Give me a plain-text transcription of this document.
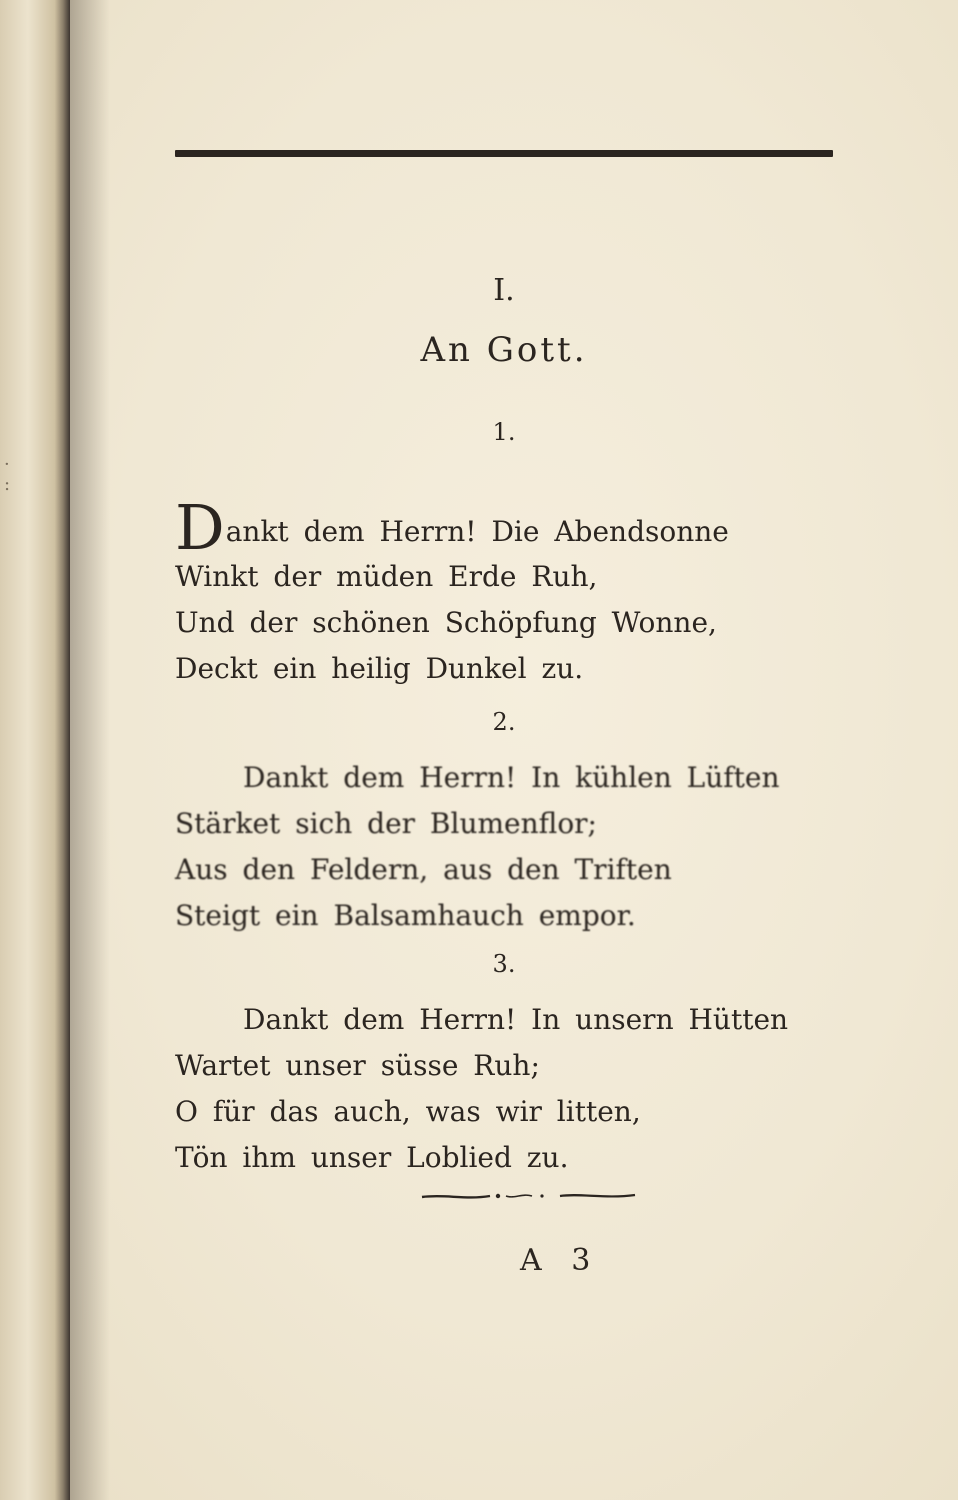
·
:
I.
An Gott.
1.
Dankt dem Herrn! Die Abendsonne
Winkt der müden Erde Ruh,
Und der schönen Schöpfung Wonne,
Deckt ein heilig Dunkel zu.
2.
Dankt dem Herrn! In kühlen Lüften
Stärket sich der Blumenflor;
Aus den Feldern, aus den Triften
Steigt ein Balsamhauch empor.
3.
Dankt dem Herrn! In unsern Hütten
Wartet unser süsse Ruh;
O für das auch, was wir litten,
Tön ihm unser Loblied zu.
A 3
